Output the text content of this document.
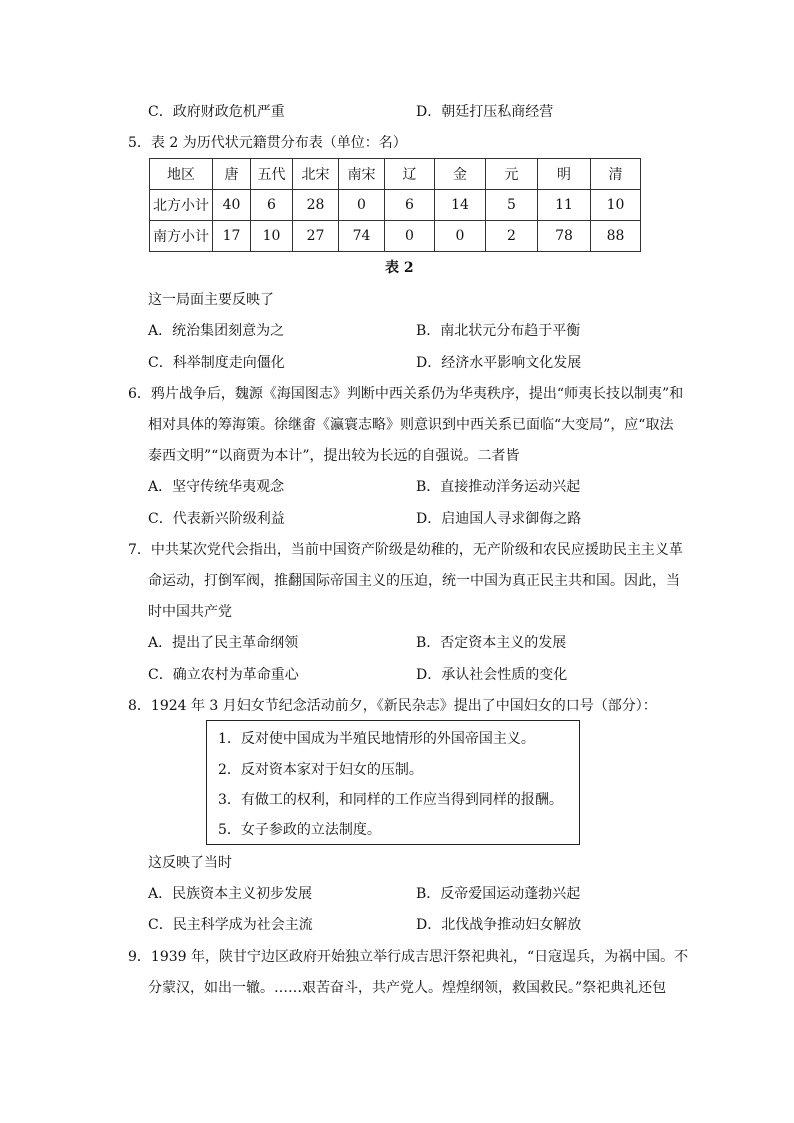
C．政府财政危机严重	D．朝廷打压私商经营
5．表 2 为历代状元籍贯分布表（单位：名）
地区	唐	五代	北宋	南宋	辽	金	元	明	清
北方小计	40	6	28	0	6	14	5	11	10
南方小计	17	10	27	74	0	0	2	78	88
表 2
这一局面主要反映了
A．统治集团刻意为之	B．南北状元分布趋于平衡
C．科举制度走向僵化	D．经济水平影响文化发展
6．鸦片战争后，魏源《海国图志》判断中西关系仍为华夷秩序，提出“师夷长技以制夷”和
相对具体的筹海策。徐继畬《瀛寰志略》则意识到中西关系已面临“大变局”，应“取法
泰西文明”“以商贾为本计”，提出较为长远的自强说。二者皆
A．坚守传统华夷观念	B．直接推动洋务运动兴起
C．代表新兴阶级利益	D．启迪国人寻求御侮之路
7．中共某次党代会指出，当前中国资产阶级是幼稚的，无产阶级和农民应援助民主主义革
命运动，打倒军阀，推翻国际帝国主义的压迫，统一中国为真正民主共和国。因此，当
时中国共产党
A．提出了民主革命纲领	B．否定资本主义的发展
C．确立农村为革命重心	D．承认社会性质的变化
8．1924 年 3 月妇女节纪念活动前夕，《新民杂志》提出了中国妇女的口号（部分）：
1．反对使中国成为半殖民地情形的外国帝国主义。
2．反对资本家对于妇女的压制。
3．有做工的权利，和同样的工作应当得到同样的报酬。
5．女子参政的立法制度。
这反映了当时
A．民族资本主义初步发展	B．反帝爱国运动蓬勃兴起
C．民主科学成为社会主流	D．北伐战争推动妇女解放
9．1939 年，陕甘宁边区政府开始独立举行成吉思汗祭祀典礼，“日寇逞兵，为祸中国。不
分蒙汉，如出一辙。……艰苦奋斗，共产党人。煌煌纲领，救国救民。”祭祀典礼还包
